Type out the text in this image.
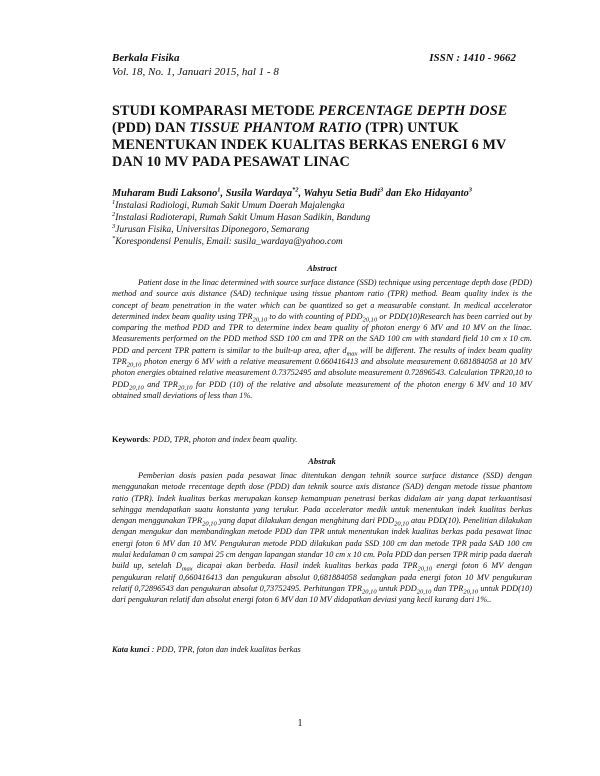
Berkala Fisika	ISSN : 1410 - 9662
Vol. 18, No. 1, Januari 2015, hal 1 - 8
STUDI KOMPARASI METODE PERCENTAGE DEPTH DOSE (PDD) DAN TISSUE PHANTOM RATIO (TPR) UNTUK MENENTUKAN INDEK KUALITAS BERKAS ENERGI 6 MV DAN 10 MV PADA PESAWAT LINAC
Muharam Budi Laksono$^1$, Susila Wardaya$^{*2}$, Wahyu Setia Budi$^3$ dan Eko Hidayanto$^3$
$^1$Instalasi Radiologi, Rumah Sakit Umum Daerah Majalengka
$^2$Instalasi Radioterapi, Rumah Sakit Umum Hasan Sadikin, Bandung
$^3$Jurusan Fisika, Universitas Diponegoro, Semarang
*Korespondensi Penulis, Email: susila_wardaya@yahoo.com
Abstract
Patient dose in the linac determined with source surface distance (SSD) technique using percentage depth dose (PDD) method and source axis distance (SAD) technique using tissue phantom ratio (TPR) method. Beam quality index is the concept of beam penetration in the water which can be quantized so get a measurable constant. In medical accelerator determined index beam quality using $TPR_{20,10}$ to do with counting of $PDD_{20,10}$ or PDD(10)Research has been carried out by comparing the method PDD and TPR to determine index beam quality of photon energy 6 MV and 10 MV on the linac. Measurements performed on the PDD method SSD 100 cm and TPR on the SAD 100 cm with standard field 10 cm x 10 cm. PDD and percent TPR pattern is similar to the built-up area, after $d_{max}$ will be different. The results of index beam quality $TPR_{20,10}$ photon energy 6 MV with a relative measurement 0.660416413 and absolute measurement 0.681884058 at 10 MV photon energies obtained relative measurement 0.73752495 and absolute measurement 0.72896543. Calculation TPR20,10 to $PDD_{20,10}$ and $TPR_{20,10}$ for PDD (10) of the relative and absolute measurement of the photon energy 6 MV and 10 MV obtained small deviations of less than 1%.
Keywords: PDD, TPR, photon and index beam quality.
Abstrak
Pemberian dosis pasien pada pesawat linac ditentukan dengan tehnik source surface distance (SSD) dengan menggunakan metode rrecentage depth dose (PDD) dan teknik source axis distance (SAD) dengan metode tissue phantom ratio (TPR). Indek kualitas berkas merupakan konsep kemampuan penetrasi berkas didalam air yang dapat terkuantisasi sehingga mendapatkan suatu konstanta yang terukur. Pada accelerator medik untuk menentukan indek kualitas berkas dengan menggunakan $TPR_{20,10}$ yang dapat dilakukan dengan menghitung dari $PDD_{20,10}$ atau PDD(10). Penelitian dilakukan dengan mengukur dan membandingkan metode PDD dan TPR untuk menentukan indek kualitas berkas pada pesawat linac energi foton 6 MV dan 10 MV. Pengukuran metode PDD dilakukan pada SSD 100 cm dan metode TPR pada SAD 100 cm mulai kedalaman 0 cm sampai 25 cm dengan lapangan standar 10 cm x 10 cm. Pola PDD dan persen TPR mirip pada daerah build up, setelah $D_{max}$ dicapai akan berbeda. Hasil indek kualitas berkas pada $TPR_{20,10}$ energi foton 6 MV dengan pengukuran relatif 0,660416413 dan pengukuran absolut 0,681884058 sedangkan pada energi foton 10 MV pengukuran relatif 0,72896543 dan pengukuran absolut 0,73752495. Perhitungan $TPR_{20,10}$ untuk $PDD_{20,10}$ dan $TPR_{20,10}$ untuk PDD(10) dari pengukuran relatif dan absolut energi foton 6 MV dan 10 MV didapatkan deviasi yang kecil kurang dari 1%..
Kata kunci : PDD, TPR, foton dan indek kualitas berkas
1
